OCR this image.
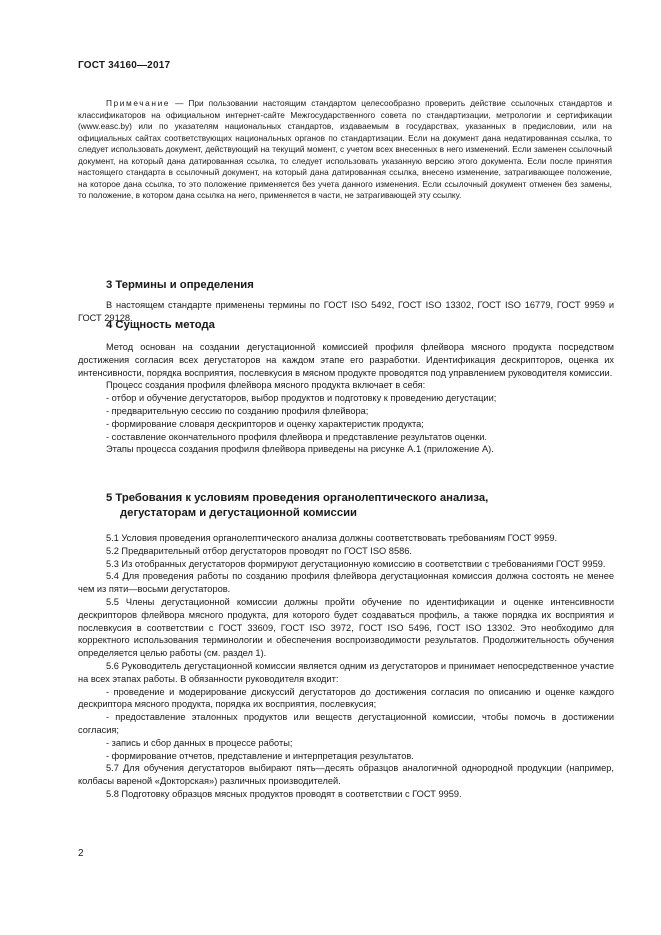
ГОСТ 34160—2017

Примечание — При пользовании настоящим стандартом целесообразно проверить действие ссылочных стандартов и классификаторов на официальном интернет-сайте Межгосударственного совета по стандартизации, метрологии и сертификации (www.easc.by) или по указателям национальных стандартов, издаваемым в государствах, указанных в предисловии, или на официальных сайтах соответствующих национальных органов по стандартизации. Если на документ дана недатированная ссылка, то следует использовать документ, действующий на текущий момент, с учетом всех внесенных в него изменений. Если заменен ссылочный документ, на который дана датированная ссылка, то следует использовать указанную версию этого документа. Если после принятия настоящего стандарта в ссылочный документ, на который дана датированная ссылка, внесено изменение, затрагивающее положение, на которое дана ссылка, то это положение применяется без учета данного изменения. Если ссылочный документ отменен без замены, то положение, в котором дана ссылка на него, применяется в части, не затрагивающей эту ссылку.

3 Термины и определения

В настоящем стандарте применены термины по ГОСТ ISO 5492, ГОСТ ISO 13302, ГОСТ ISO 16779, ГОСТ 9959 и ГОСТ 29128.

4 Сущность метода

Метод основан на создании дегустационной комиссией профиля флейвора мясного продукта посредством достижения согласия всех дегустаторов на каждом этапе его разработки. Идентификация дескрипторов, оценка их интенсивности, порядка восприятия, послевкусия в мясном продукте проводятся под управлением руководителя комиссии.

Процесс создания профиля флейвора мясного продукта включает в себя:

- отбор и обучение дегустаторов, выбор продуктов и подготовку к проведению дегустации;

- предварительную сессию по созданию профиля флейвора;

- формирование словаря дескрипторов и оценку характеристик продукта;

- составление окончательного профиля флейвора и представление результатов оценки.

Этапы процесса создания профиля флейвора приведены на рисунке А.1 (приложение А).

5 Требования к условиям проведения органолептического анализа,
дегустаторам и дегустационной комиссии

5.1 Условия проведения органолептического анализа должны соответствовать требованиям ГОСТ 9959.

5.2 Предварительный отбор дегустаторов проводят по ГОСТ ISO 8586.

5.3 Из отобранных дегустаторов формируют дегустационную комиссию в соответствии с требованиями ГОСТ 9959.

5.4 Для проведения работы по созданию профиля флейвора дегустационная комиссия должна состоять не менее чем из пяти—восьми дегустаторов.

5.5 Члены дегустационной комиссии должны пройти обучение по идентификации и оценке интенсивности дескрипторов флейвора мясного продукта, для которого будет создаваться профиль, а также порядка их восприятия и послевкусия в соответствии с ГОСТ 33609, ГОСТ ISO 3972, ГОСТ ISO 5496, ГОСТ ISO 13302. Это необходимо для корректного использования терминологии и обеспечения воспроизводимости результатов. Продолжительность обучения определяется целью работы (см. раздел 1).

5.6 Руководитель дегустационной комиссии является одним из дегустаторов и принимает непосредственное участие на всех этапах работы. В обязанности руководителя входит:

- проведение и модерирование дискуссий дегустаторов до достижения согласия по описанию и оценке каждого дескриптора мясного продукта, порядка их восприятия, послевкусия;

- предоставление эталонных продуктов или веществ дегустационной комиссии, чтобы помочь в достижении согласия;

- запись и сбор данных в процессе работы;

- формирование отчетов, представление и интерпретация результатов.

5.7 Для обучения дегустаторов выбирают пять—десять образцов аналогичной однородной продукции (например, колбасы вареной «Докторская») различных производителей.

5.8 Подготовку образцов мясных продуктов проводят в соответствии с ГОСТ 9959.

2
